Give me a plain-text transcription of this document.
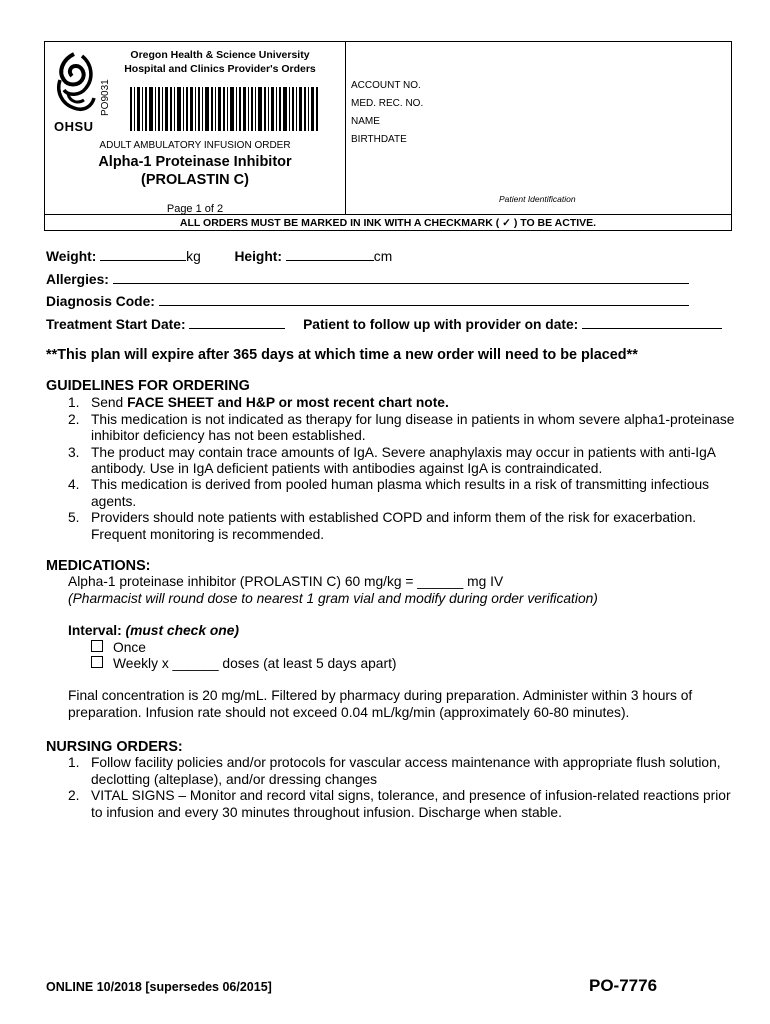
OHSU
Oregon Health & Science University
Hospital and Clinics Provider's Orders
PO9031
ADULT AMBULATORY INFUSION ORDER
Alpha-1 Proteinase Inhibitor
(PROLASTIN C)
Page 1 of 2
ACCOUNT NO.
MED. REC. NO.
NAME
BIRTHDATE
Patient Identification
ALL ORDERS MUST BE MARKED IN INK WITH A CHECKMARK ( ✓ ) TO BE ACTIVE.
Weight:	kg Height:	cm
Allergies:
Diagnosis Code:
Treatment Start Date:	Patient to follow up with provider on date:
**This plan will expire after 365 days at which time a new order will need to be placed**
GUIDELINES FOR ORDERING
1. Send FACE SHEET and H&P or most recent chart note.
2. This medication is not indicated as therapy for lung disease in patients in whom severe alpha1-proteinase inhibitor deficiency has not been established.
3. The product may contain trace amounts of IgA. Severe anaphylaxis may occur in patients with anti-IgA antibody. Use in IgA deficient patients with antibodies against IgA is contraindicated.
4. This medication is derived from pooled human plasma which results in a risk of transmitting infectious agents.
5. Providers should note patients with established COPD and inform them of the risk for exacerbation. Frequent monitoring is recommended.
MEDICATIONS:
Alpha-1 proteinase inhibitor (PROLASTIN C) 60 mg/kg = ______ mg IV
(Pharmacist will round dose to nearest 1 gram vial and modify during order verification)
Interval: (must check one)
Once
Weekly x ______ doses (at least 5 days apart)
Final concentration is 20 mg/mL. Filtered by pharmacy during preparation. Administer within 3 hours of preparation. Infusion rate should not exceed 0.04 mL/kg/min (approximately 60-80 minutes).
NURSING ORDERS:
1. Follow facility policies and/or protocols for vascular access maintenance with appropriate flush solution, declotting (alteplase), and/or dressing changes
2. VITAL SIGNS – Monitor and record vital signs, tolerance, and presence of infusion-related reactions prior to infusion and every 30 minutes throughout infusion. Discharge when stable.
ONLINE 10/2018 [supersedes 06/2015]	PO-7776
